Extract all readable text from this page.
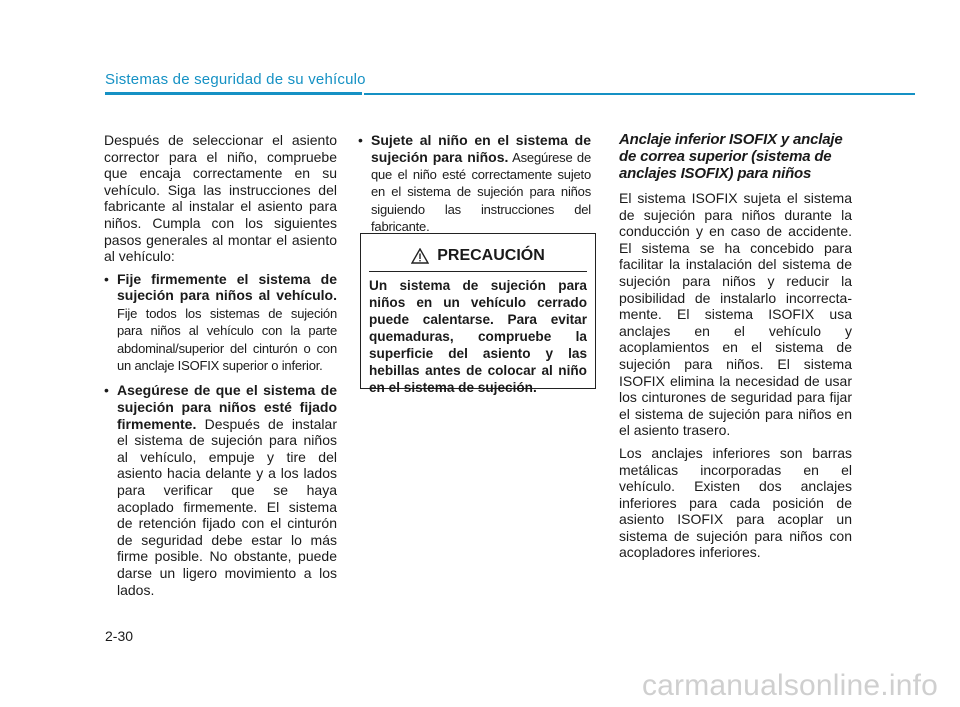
Sistemas de seguridad de su vehículo

Después de seleccionar el asiento corrector para el niño, compruebe que encaja correctamente en su vehículo. Siga las instrucciones del fabricante al instalar el asiento para niños. Cumpla con los siguientes pasos generales al montar el asiento al vehículo:

• Fije firmemente el sistema de sujeción para niños al vehículo. Fije todos los sistemas de sujeción para niños al vehículo con la parte abdominal/superior del cinturón o con un anclaje ISOFIX superior o inferior.
• Asegúrese de que el sistema de sujeción para niños esté fijado firmemente. Después de instalar el sistema de sujeción para niños al vehículo, empuje y tire del asiento hacia delante y a los lados para verificar que se haya acoplado firmemente. El sistema de retención fijado con el cinturón de seguridad debe estar lo más firme posible. No obstante, puede darse un ligero movimiento a los lados.
• Sujete al niño en el sistema de sujeción para niños. Asegúrese de que el niño esté correctamente sujeto en el sistema de sujeción para niños siguiendo las instrucciones del fabricante.
PRECAUCIÓN
Un sistema de sujeción para niños en un vehículo cerrado puede calentarse. Para evitar quemaduras, compruebe la superficie del asiento y las hebillas antes de colocar al niño en el sistema de sujeción.
Anclaje inferior ISOFIX y anclaje de correa superior (sistema de anclajes ISOFIX) para niños

El sistema ISOFIX sujeta el sistema de sujeción para niños durante la conducción y en caso de accidente. El sistema se ha concebido para facilitar la instalación del sistema de sujeción para niños y reducir la posibilidad de instalarlo incorrecta-mente. El sistema ISOFIX usa anclajes en el vehículo y acoplamientos en el sistema de sujeción para niños. El sistema ISOFIX elimina la necesidad de usar los cinturones de seguridad para fijar el sistema de sujeción para niños en el asiento trasero.

Los anclajes inferiores son barras metálicas incorporadas en el vehículo. Existen dos anclajes inferiores para cada posición de asiento ISOFIX para acoplar un sistema de sujeción para niños con acopladores inferiores.

2-30
carmanualsonline.info
